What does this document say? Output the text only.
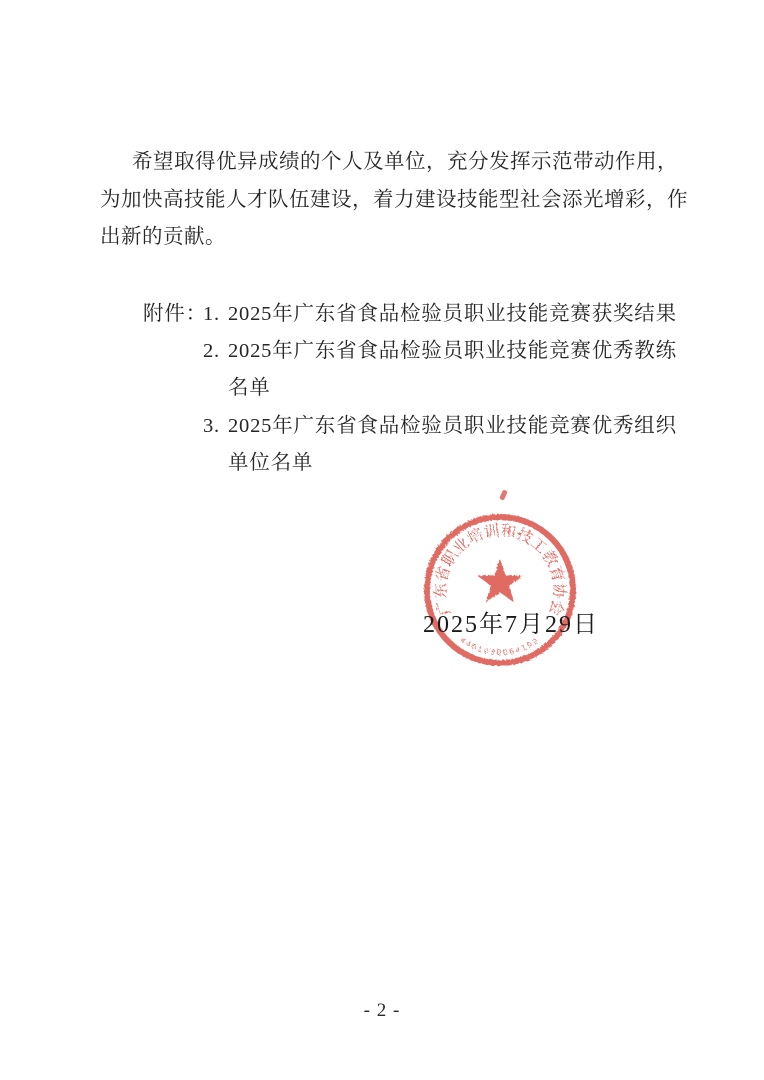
希望取得优异成绩的个人及单位，充分发挥示范带动作用，
为加快高技能人才队伍建设，着力建设技能型社会添光增彩，作
出新的贡献。
附件：
1. 2025年广东省食品检验员职业技能竞赛获奖结果
2. 2025年广东省食品检验员职业技能竞赛优秀教练
名单
3. 2025年广东省食品检验员职业技能竞赛优秀组织
单位名单
广东省职业培训和技工教育协会
4401030064192
2025年7月29日
- 2 -
